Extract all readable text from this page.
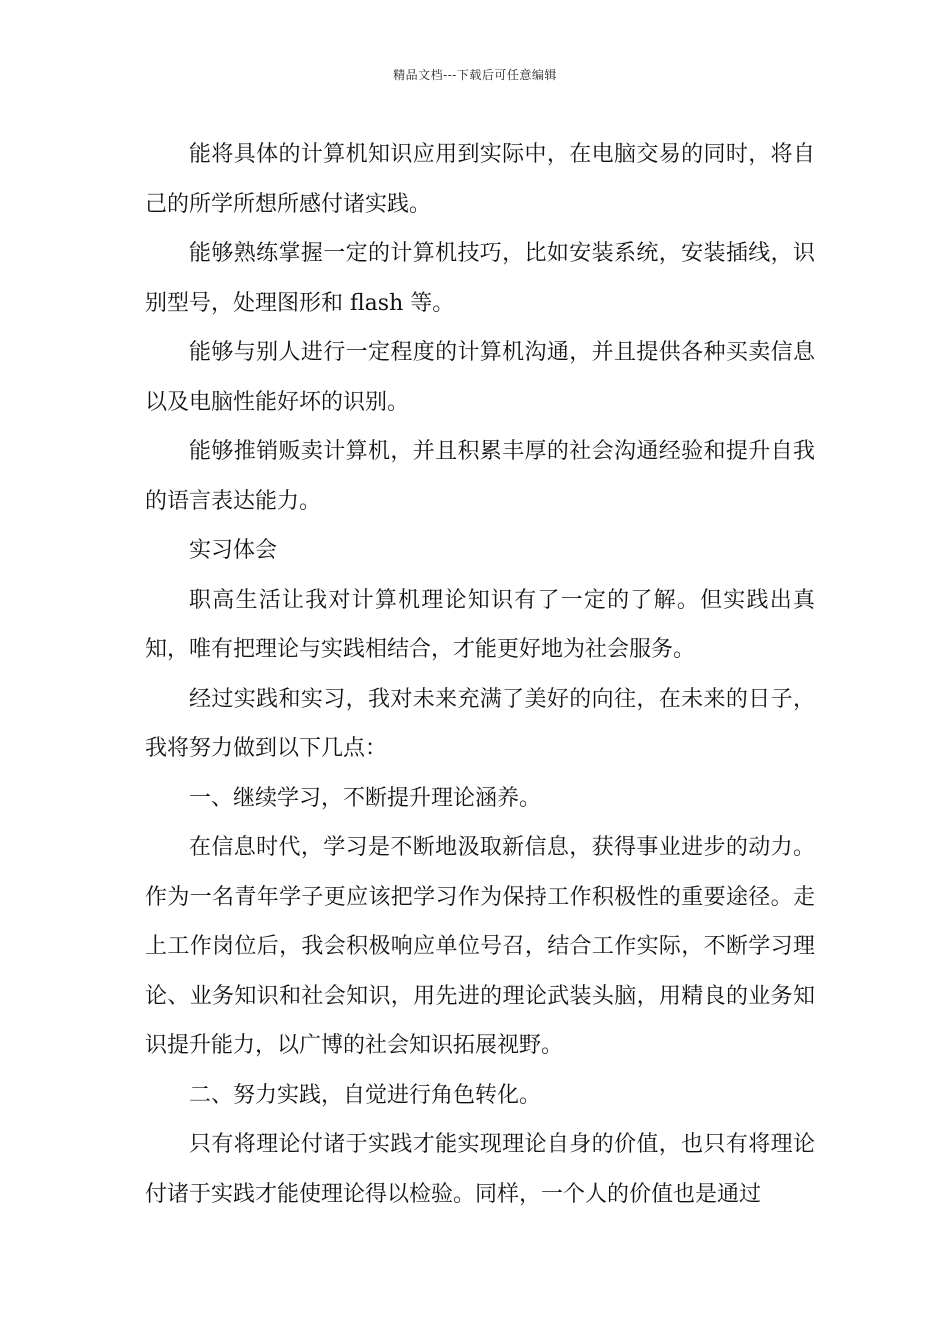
精品文档---下载后可任意编辑

能将具体的计算机知识应用到实际中，在电脑交易的同时，将自己的所学所想所感付诸实践。

能够熟练掌握一定的计算机技巧，比如安装系统，安装插线，识别型号，处理图形和 flash 等。

能够与别人进行一定程度的计算机沟通，并且提供各种买卖信息以及电脑性能好坏的识别。

能够推销贩卖计算机，并且积累丰厚的社会沟通经验和提升自我的语言表达能力。

实习体会

职高生活让我对计算机理论知识有了一定的了解。但实践出真知，唯有把理论与实践相结合，才能更好地为社会服务。

经过实践和实习，我对未来充满了美好的向往，在未来的日子，我将努力做到以下几点：

一、继续学习，不断提升理论涵养。

在信息时代，学习是不断地汲取新信息，获得事业进步的动力。作为一名青年学子更应该把学习作为保持工作积极性的重要途径。走上工作岗位后，我会积极响应单位号召，结合工作实际，不断学习理论、业务知识和社会知识，用先进的理论武装头脑，用精良的业务知识提升能力，以广博的社会知识拓展视野。

二、努力实践，自觉进行角色转化。

只有将理论付诸于实践才能实现理论自身的价值，也只有将理论付诸于实践才能使理论得以检验。同样，一个人的价值也是通过
